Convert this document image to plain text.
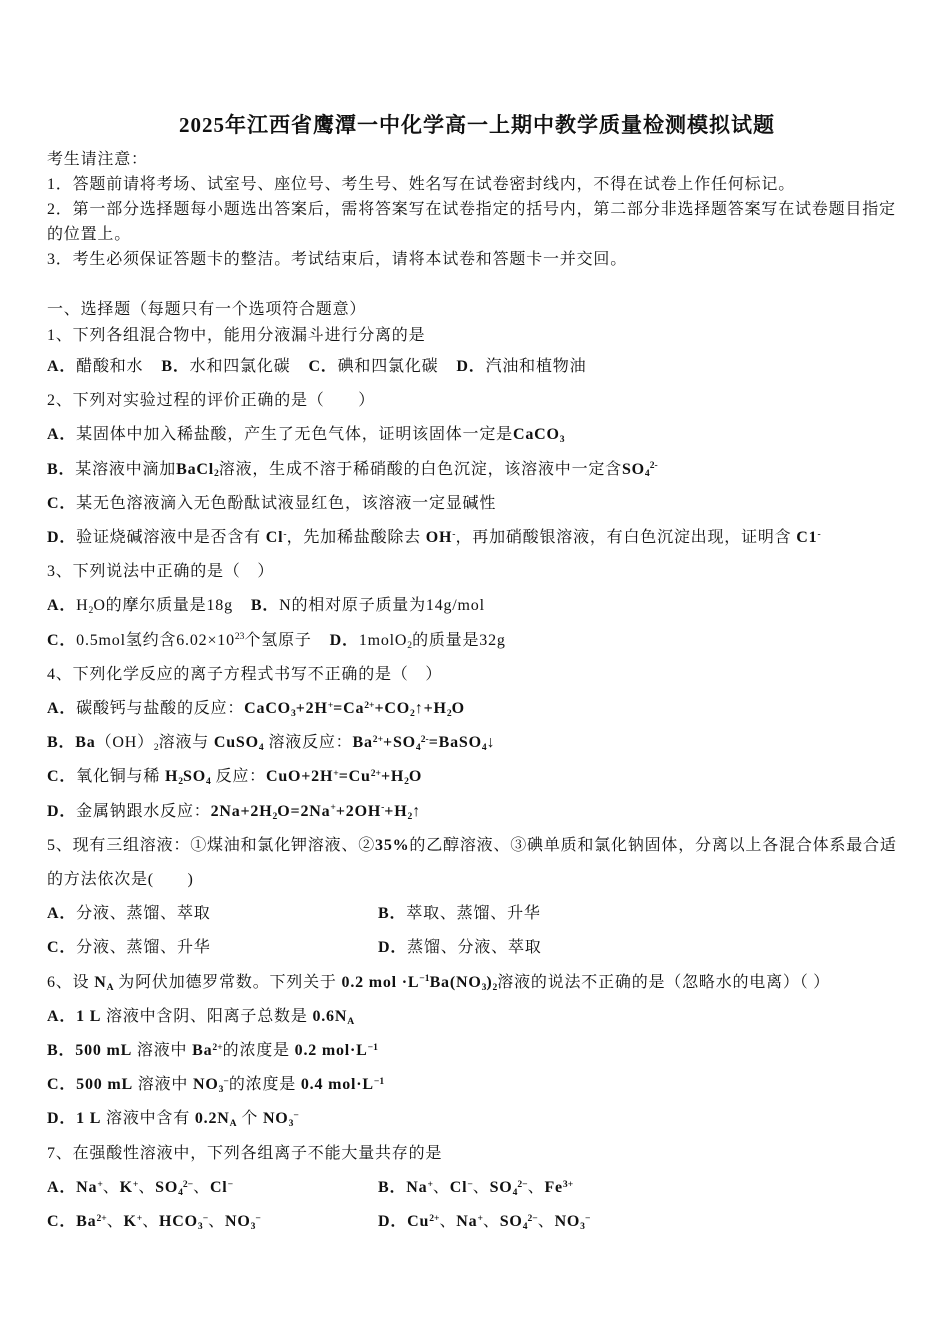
2025年江西省鹰潭一中化学高一上期中教学质量检测模拟试题
考生请注意：
1．答题前请将考场、试室号、座位号、考生号、姓名写在试卷密封线内，不得在试卷上作任何标记。
2．第一部分选择题每小题选出答案后，需将答案写在试卷指定的括号内，第二部分非选择题答案写在试卷题目指定的位置上。
3．考生必须保证答题卡的整洁。考试结束后，请将本试卷和答题卡一并交回。
一、选择题（每题只有一个选项符合题意）
1、下列各组混合物中，能用分液漏斗进行分离的是
A．醋酸和水 B．水和四氯化碳 C．碘和四氯化碳 D．汽油和植物油
2、下列对实验过程的评价正确的是（　　）
A．某固体中加入稀盐酸，产生了无色气体，证明该固体一定是CaCO$_3$
B．某溶液中滴加BaCl$_2$溶液，生成不溶于稀硝酸的白色沉淀，该溶液中一定含$SO_4^{2-}$
C．某无色溶液滴入无色酚酞试液显红色，该溶液一定显碱性
D．验证烧碱溶液中是否含有 Cl-，先加稀盐酸除去 OH-，再加硝酸银溶液，有白色沉淀出现，证明含 C1-
3、下列说法中正确的是（　）
A．$H_2O$的摩尔质量是18g B．N的相对原子质量为14g/mol
C．0.5mol氢约含$6.02\times 10^{23}$个氢原子 D．1molO$_2$的质量是32g
4、下列化学反应的离子方程式书写不正确的是（　）
A．碳酸钙与盐酸的反应：$CaCO_3+2H^+=Ca^{2+}+CO_2↑+H_2O$
B．$Ba(OH)_2$溶液与 CuSO$_4$ 溶液反应：$Ba^{2+}+SO_4^{2-}=BaSO_4↓$
C．氧化铜与稀 $H_2SO_4$ 反应：$CuO+2H^+=Cu^{2+}+H_2O$
D．金属钠跟水反应：$2Na+2H_2O=2Na^++2OH^-+H_2↑$
5、现有三组溶液：①煤油和氯化钾溶液、②35%的乙醇溶液、③碘单质和氯化钠固体，分离以上各混合体系最合适的方法依次是(　　)
A．分液、蒸馏、萃取	B．萃取、蒸馏、升华
C．分液、蒸馏、升华	D．蒸馏、分液、萃取
6、设 $N_A$ 为阿伏加德罗常数。下列关于 0.2 mol $\cdot L^{-1}Ba(NO_3)_2$溶液的说法不正确的是（忽略水的电离）（ ）
A．1 L 溶液中含阴、阳离子总数是 $0.6N_A$
B．500 mL 溶液中 $Ba^{2+}$的浓度是 0.2 $mol\cdot L^{-1}$
C．500 mL 溶液中 $NO_3^-$的浓度是 0.4 $mol\cdot L^{-1}$
D．1 L 溶液中含有 $0.2N_A$ 个 $NO_3^-$
7、在强酸性溶液中，下列各组离子不能大量共存的是
A．Na+、K+、$SO_4^{2-}$、Cl−	B．Na+、Cl−、$SO_4^{2-}$、$Fe^{3+}$
C．$Ba^{2+}$、K+、$HCO_3^-$、$NO_3^-$	D．$Cu^{2+}$、Na+、$SO_4^{2-}$、$NO_3^-$
